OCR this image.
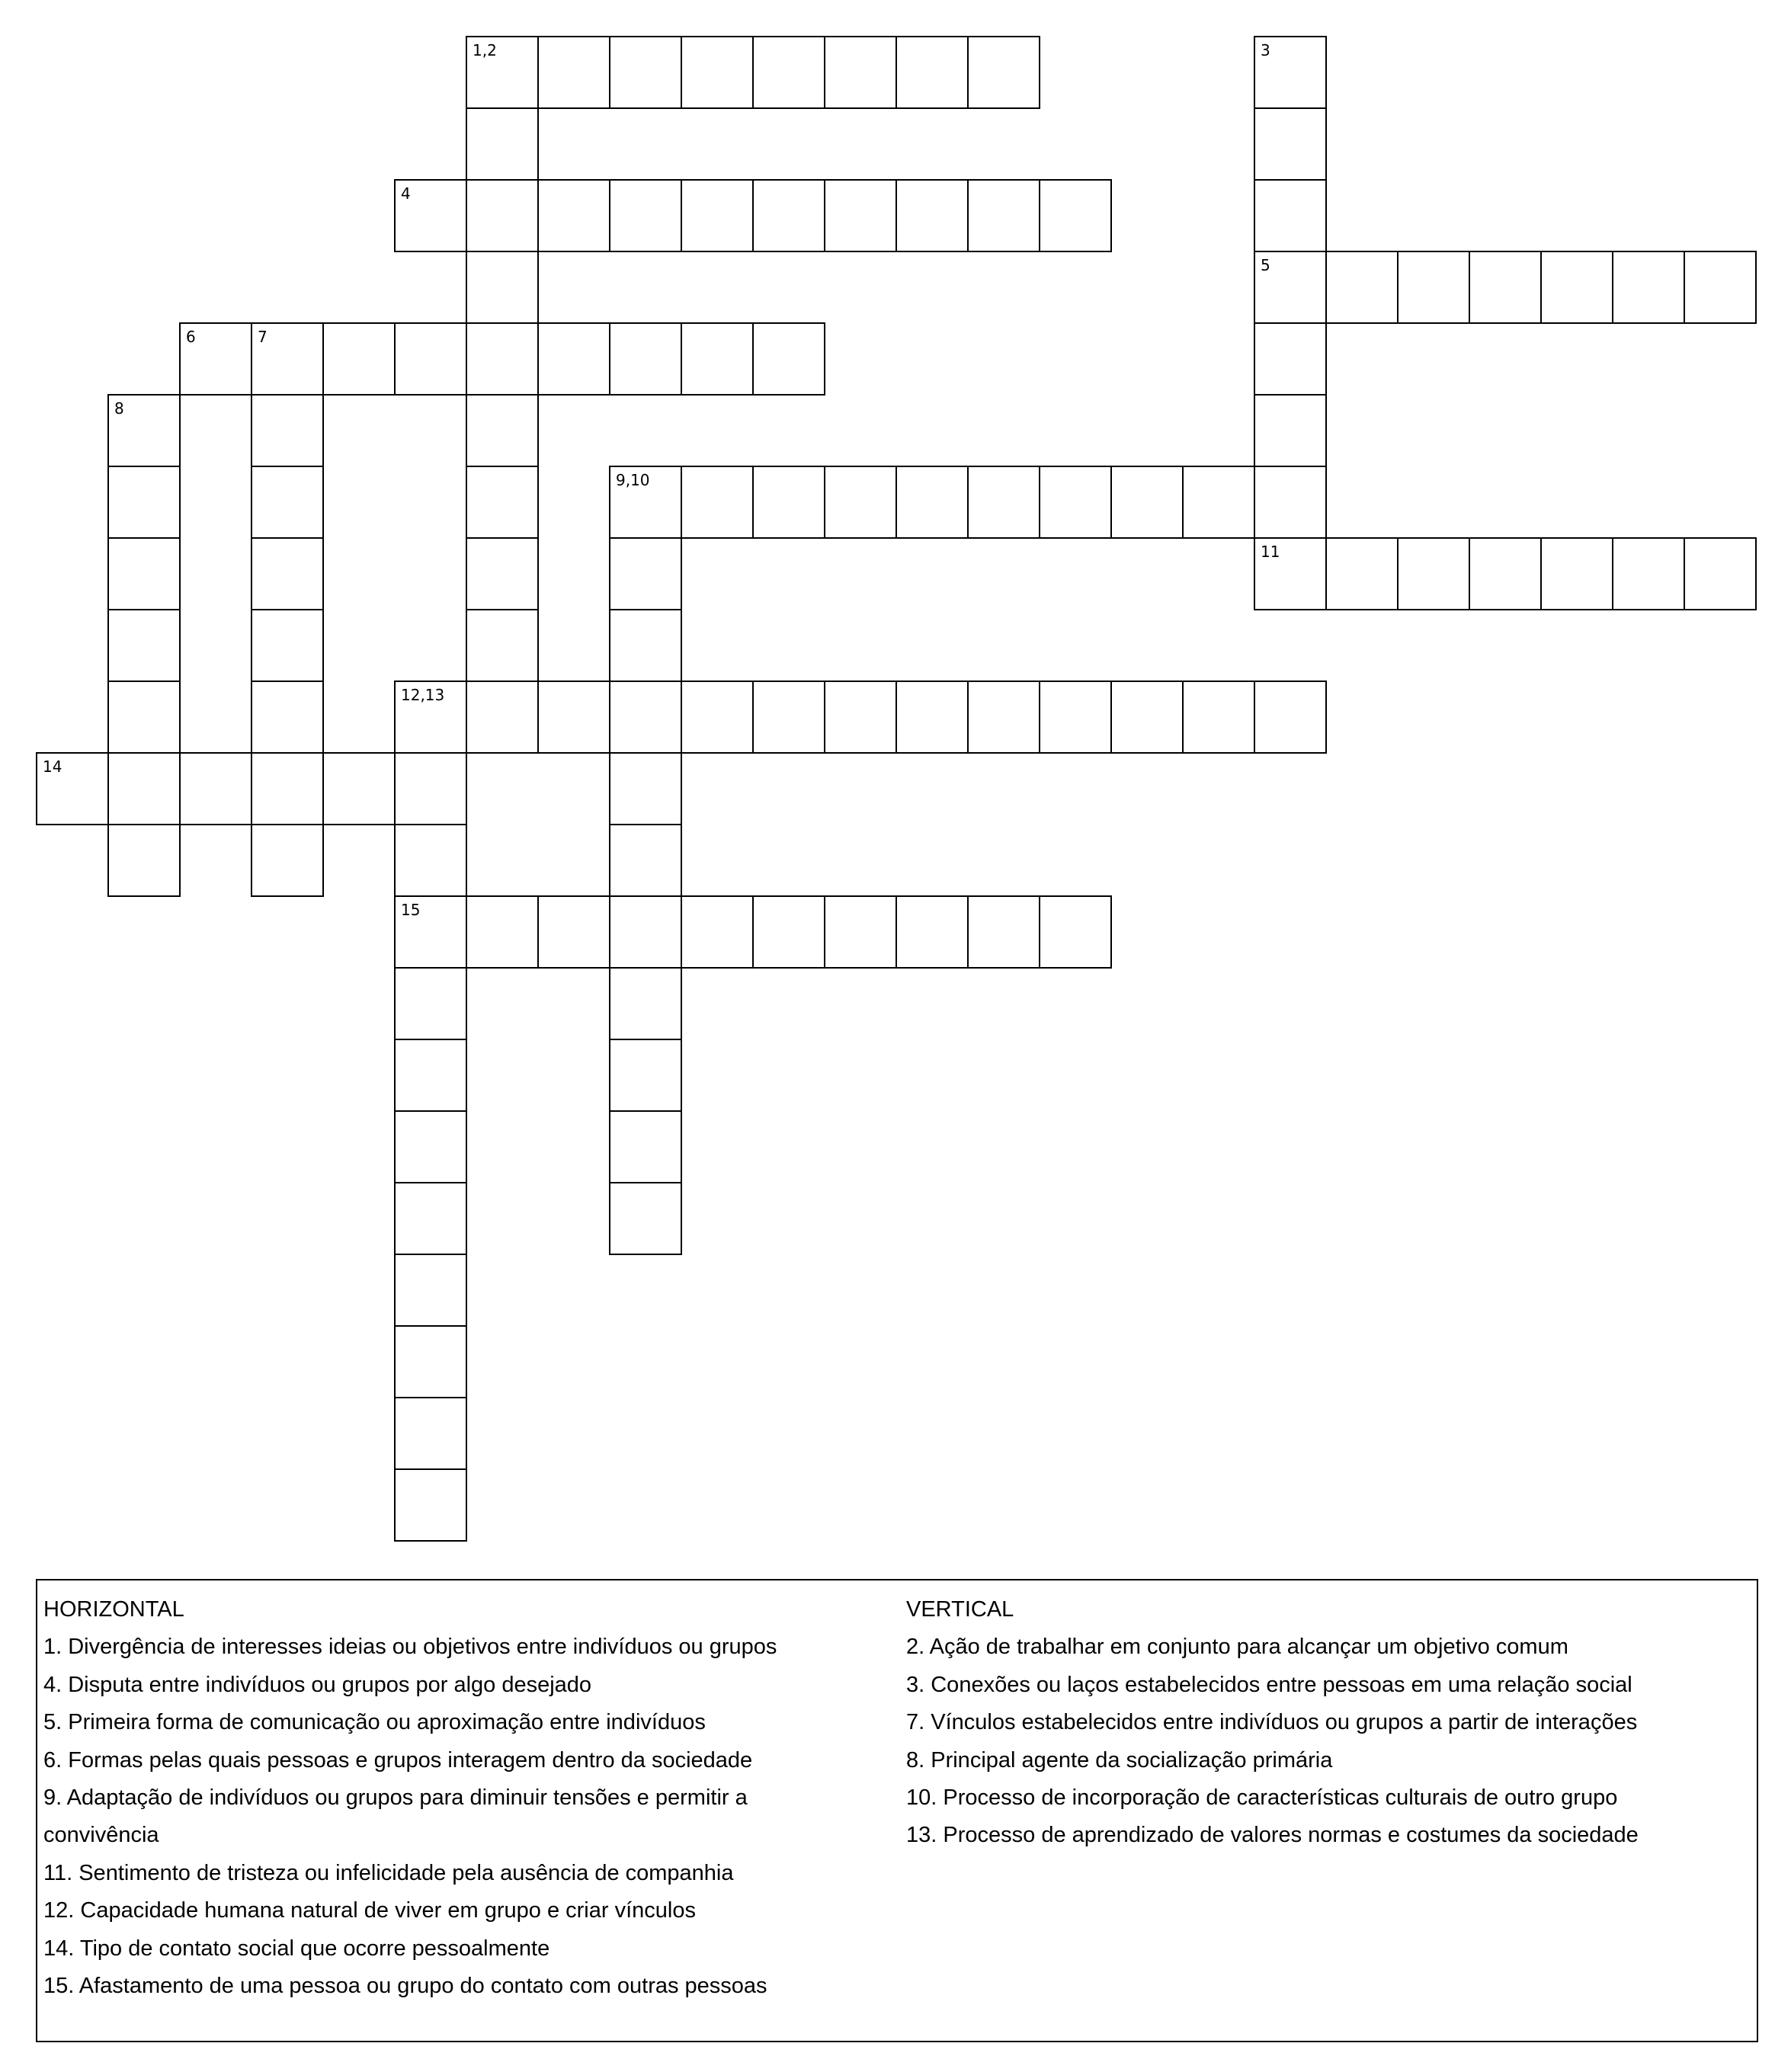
1,2	3
5
11
4
6	7
8
9,10
12,13
15
14
HORIZONTAL
1. Divergência de interesses ideias ou objetivos entre indivíduos ou grupos
4. Disputa entre indivíduos ou grupos por algo desejado
5. Primeira forma de comunicação ou aproximação entre indivíduos
6. Formas pelas quais pessoas e grupos interagem dentro da sociedade
9. Adaptação de indivíduos ou grupos para diminuir tensões e permitir a convivência
11. Sentimento de tristeza ou infelicidade pela ausência de companhia
12. Capacidade humana natural de viver em grupo e criar vínculos
14. Tipo de contato social que ocorre pessoalmente
15. Afastamento de uma pessoa ou grupo do contato com outras pessoas
VERTICAL
2. Ação de trabalhar em conjunto para alcançar um objetivo comum
3. Conexões ou laços estabelecidos entre pessoas em uma relação social
7. Vínculos estabelecidos entre indivíduos ou grupos a partir de interações
8. Principal agente da socialização primária
10. Processo de incorporação de características culturais de outro grupo
13. Processo de aprendizado de valores normas e costumes da sociedade
